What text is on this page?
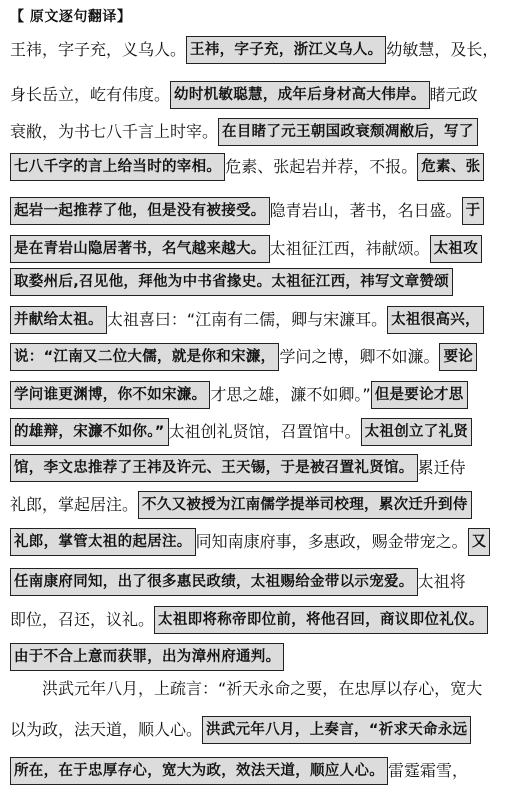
【 原文逐句翻译】
王祎，字子充，义乌人。 王祎，字子充，浙江义乌人。 幼敏慧，及长，
身长岳立，屹有伟度。 幼时机敏聪慧，成年后身材高大伟岸。 睹元政
衰敝，为书七八千言上时宰。 在目睹了元王朝国政衰颓凋敝后，写了
七八千字的言上给当时的宰相。 危素、张起岩并荐，不报。 危素、张
起岩一起推荐了他，但是没有被接受。 隐青岩山，著书，名日盛。 于
是在青岩山隐居著书，名气越来越大。 太祖征江西，祎献颂。 太祖攻
取婺州后,召见他，拜他为中书省掾史。太祖征江西，祎写文章赞颂
并献给太祖。 太祖喜曰：“江南有二儒，卿与宋濂耳。 太祖很高兴，
说：“江南又二位大儒，就是你和宋濂， 学问之博，卿不如濂。 要论
学问谁更渊博，你不如宋濂。 才思之雄，濂不如卿。” 但是要论才思
的雄辩，宋濂不如你。” 太祖创礼贤馆，召置馆中。 太祖创立了礼贤
馆，李文忠推荐了王祎及许元、王天锡，于是被召置礼贤馆。 累迁侍
礼郎，掌起居注。 不久又被授为江南儒学提举司校理，累次迁升到侍
礼郎，掌管太祖的起居注。 同知南康府事，多惠政，赐金带宠之。 又
任南康府同知，出了很多惠民政绩，太祖赐给金带以示宠爱。 太祖将
即位，召还，议礼。 太祖即将称帝即位前，将他召回，商议即位礼仪。
由于不合上意而获罪，出为漳州府通判。
洪武元年八月，上疏言：“祈天永命之要，在忠厚以存心，宽大
以为政，法天道，顺人心。 洪武元年八月，上奏言，“祈求天命永远
所在，在于忠厚存心，宽大为政，效法天道，顺应人心。 雷霆霜雪，
